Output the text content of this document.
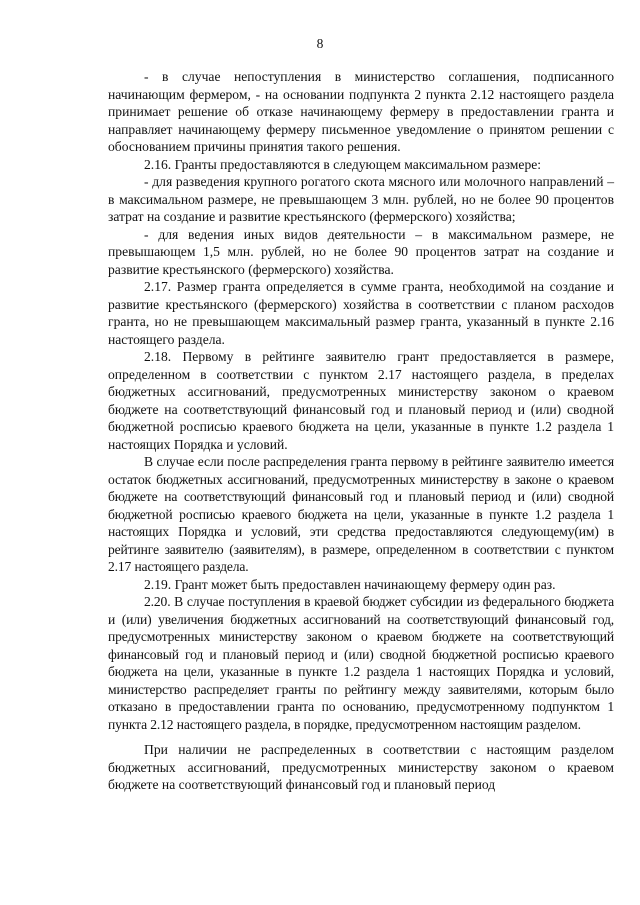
8

- в случае непоступления в министерство соглашения, подписанного начинающим фермером, - на основании подпункта 2 пункта 2.12 настоящего раздела принимает решение об отказе начинающему фермеру в предоставлении гранта и направляет начинающему фермеру письменное уведомление о принятом решении с обоснованием причины принятия такого решения.

2.16. Гранты предоставляются в следующем максимальном размере:

- для разведения крупного рогатого скота мясного или молочного направлений – в максимальном размере, не превышающем 3 млн. рублей, но не более 90 процентов затрат на создание и развитие крестьянского (фермерского) хозяйства;

- для ведения иных видов деятельности – в максимальном размере, не превышающем 1,5 млн. рублей, но не более 90 процентов затрат на создание и развитие крестьянского (фермерского) хозяйства.

2.17. Размер гранта определяется в сумме гранта, необходимой на создание и развитие крестьянского (фермерского) хозяйства в соответствии с планом расходов гранта, но не превышающем максимальный размер гранта, указанный в пункте 2.16 настоящего раздела.

2.18. Первому в рейтинге заявителю грант предоставляется в размере, определенном в соответствии с пунктом 2.17 настоящего раздела, в пределах бюджетных ассигнований, предусмотренных министерству законом о краевом бюджете на соответствующий финансовый год и плановый период и (или) сводной бюджетной росписью краевого бюджета на цели, указанные в пункте 1.2 раздела 1 настоящих Порядка и условий.

В случае если после распределения гранта первому в рейтинге заявителю имеется остаток бюджетных ассигнований, предусмотренных министерству в законе о краевом бюджете на соответствующий финансовый год и плановый период и (или) сводной бюджетной росписью краевого бюджета на цели, указанные в пункте 1.2 раздела 1 настоящих Порядка и условий, эти средства предоставляются следующему(им) в рейтинге заявителю (заявителям), в размере, определенном в соответствии с пунктом 2.17 настоящего раздела.

2.19. Грант может быть предоставлен начинающему фермеру один раз.

2.20. В случае поступления в краевой бюджет субсидии из федерального бюджета и (или) увеличения бюджетных ассигнований на соответствующий финансовый год, предусмотренных министерству законом о краевом бюджете на соответствующий финансовый год и плановый период и (или) сводной бюджетной росписью краевого бюджета на цели, указанные в пункте 1.2 раздела 1 настоящих Порядка и условий, министерство распределяет гранты по рейтингу между заявителями, которым было отказано в предоставлении гранта по основанию, предусмотренному подпунктом 1 пункта 2.12 настоящего раздела, в порядке, предусмотренном настоящим разделом.

При наличии не распределенных в соответствии с настоящим разделом бюджетных ассигнований, предусмотренных министерству законом о краевом бюджете на соответствующий финансовый год и плановый период
